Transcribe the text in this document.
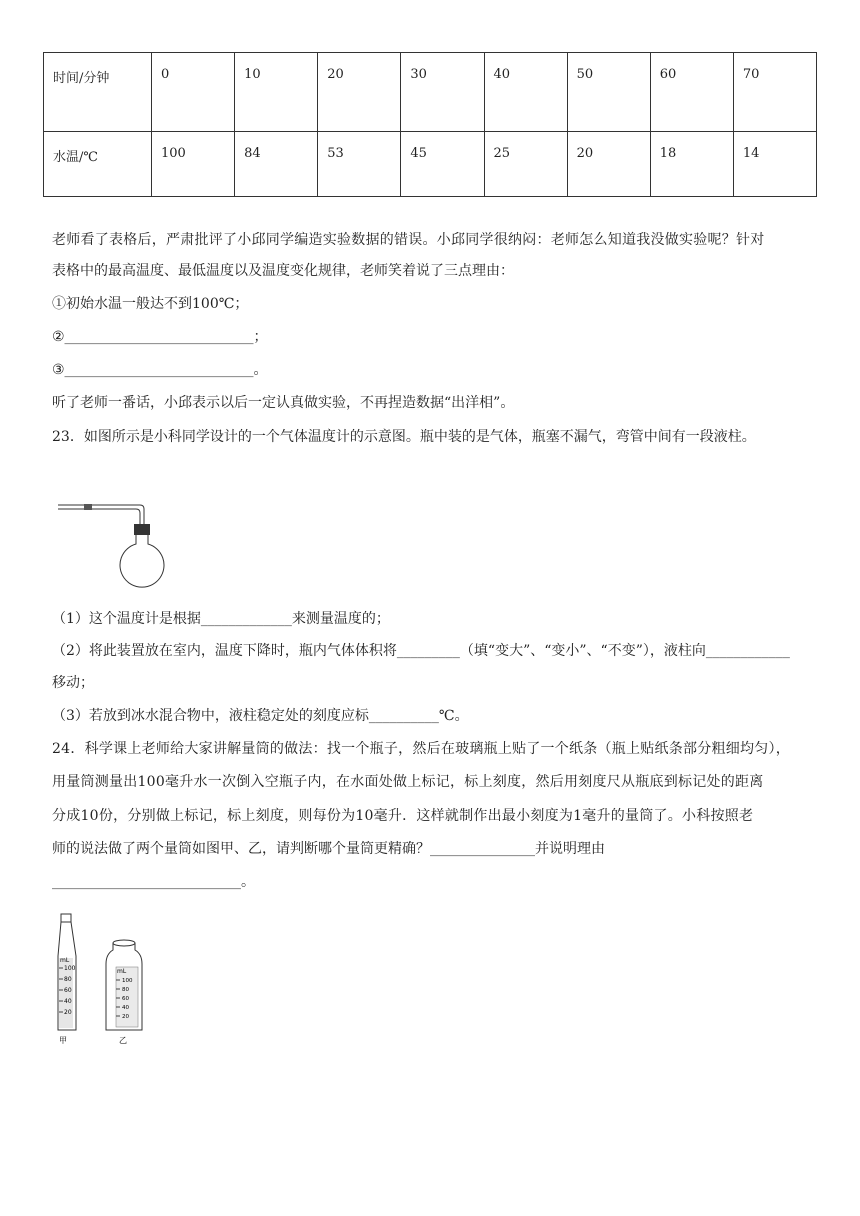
时间/分钟	0	10	20	30	40	50	60	70
水温/℃	100	84	53	45	25	20	18	14
老师看了表格后，严肃批评了小邱同学编造实验数据的错误。小邱同学很纳闷：老师怎么知道我没做实验呢？针对
表格中的最高温度、最低温度以及温度变化规律，老师笑着说了三点理由：
①初始水温一般达不到100℃；
②___________________________；
③___________________________。
听了老师一番话，小邱表示以后一定认真做实验，不再捏造数据“出洋相”。
23．如图所示是小科同学设计的一个气体温度计的示意图。瓶中装的是气体，瓶塞不漏气，弯管中间有一段液柱。
（1）这个温度计是根据_____________来测量温度的；
（2）将此装置放在室内，温度下降时，瓶内气体体积将_________（填“变大”、“变小”、“不变”），液柱向____________
移动；
（3）若放到冰水混合物中，液柱稳定处的刻度应标__________℃。
24．科学课上老师给大家讲解量筒的做法：找一个瓶子，然后在玻璃瓶上贴了一个纸条（瓶上贴纸条部分粗细均匀），
用量筒测量出100毫升水一次倒入空瓶子内，在水面处做上标记，标上刻度，然后用刻度尺从瓶底到标记处的距离
分成10份，分别做上标记，标上刻度，则每份为10毫升．这样就制作出最小刻度为1毫升的量筒了。小科按照老
师的说法做了两个量筒如图甲、乙，请判断哪个量筒更精确？_______________并说明理由
___________________________。
mL
100
80
60
40
20
甲
mL
100
80
60
40
20
乙
